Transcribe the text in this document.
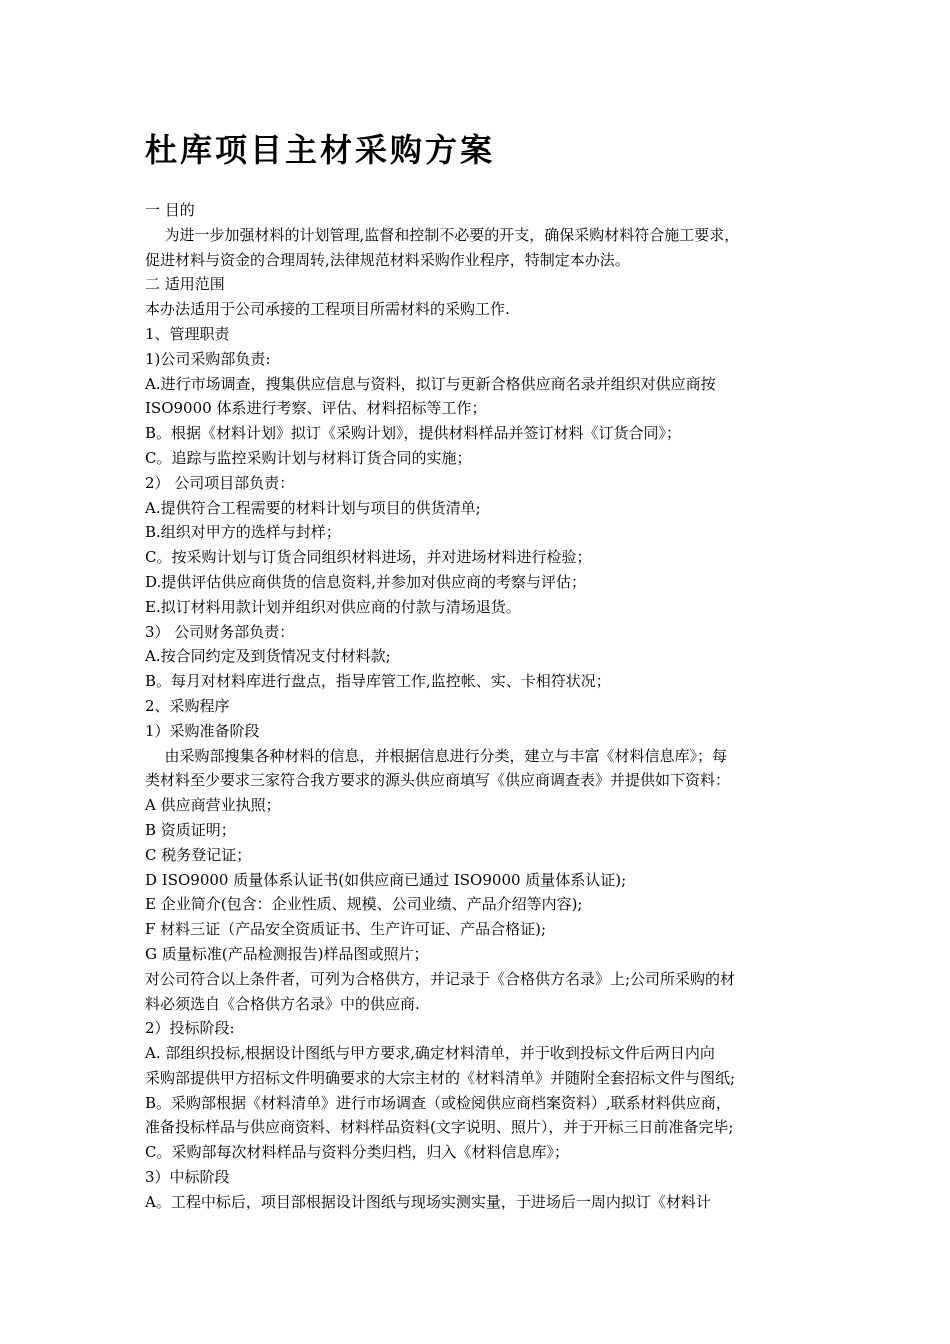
杜库项目主材采购方案
一 目的
为进一步加强材料的计划管理,监督和控制不必要的开支，确保采购材料符合施工要求，
促进材料与资金的合理周转,法律规范材料采购作业程序，特制定本办法。
二 适用范围
本办法适用于公司承接的工程项目所需材料的采购工作.
1、管理职责
1)公司采购部负责:
A.进行市场调查，搜集供应信息与资料，拟订与更新合格供应商名录并组织对供应商按
ISO9000 体系进行考察、评估、材料招标等工作；
B。根据《材料计划》拟订《采购计划》，提供材料样品并签订材料《订货合同》；
C。追踪与监控采购计划与材料订货合同的实施；
2） 公司项目部负责：
A.提供符合工程需要的材料计划与项目的供货清单;
B.组织对甲方的选样与封样；
C。按采购计划与订货合同组织材料进场，并对进场材料进行检验；
D.提供评估供应商供货的信息资料,并参加对供应商的考察与评估；
E.拟订材料用款计划并组织对供应商的付款与清场退货。
3） 公司财务部负责：
A.按合同约定及到货情况支付材料款;
B。每月对材料库进行盘点，指导库管工作,监控帐、实、卡相符状况；
2、采购程序
1）采购准备阶段
由采购部搜集各种材料的信息，并根据信息进行分类，建立与丰富《材料信息库》；每
类材料至少要求三家符合我方要求的源头供应商填写《供应商调查表》并提供如下资料：
A 供应商营业执照；
B 资质证明；
C 税务登记证；
D ISO9000 质量体系认证书(如供应商已通过 ISO9000 质量体系认证);
E 企业简介(包含：企业性质、规模、公司业绩、产品介绍等内容);
F 材料三证（产品安全资质证书、生产许可证、产品合格证);
G 质量标准(产品检测报告)样品图或照片；
对公司符合以上条件者，可列为合格供方，并记录于《合格供方名录》上;公司所采购的材
料必须选自《合格供方名录》中的供应商.
2）投标阶段:
A. 部组织投标,根据设计图纸与甲方要求,确定材料清单，并于收到投标文件后两日内向
采购部提供甲方招标文件明确要求的大宗主材的《材料清单》并随附全套招标文件与图纸;
B。采购部根据《材料清单》进行市场调查（或检阅供应商档案资料）,联系材料供应商，
准备投标样品与供应商资料、材料样品资料(文字说明、照片），并于开标三日前准备完毕;
C。采购部每次材料样品与资料分类归档，归入《材料信息库》；
3）中标阶段
A。工程中标后，项目部根据设计图纸与现场实测实量，于进场后一周内拟订《材料计
